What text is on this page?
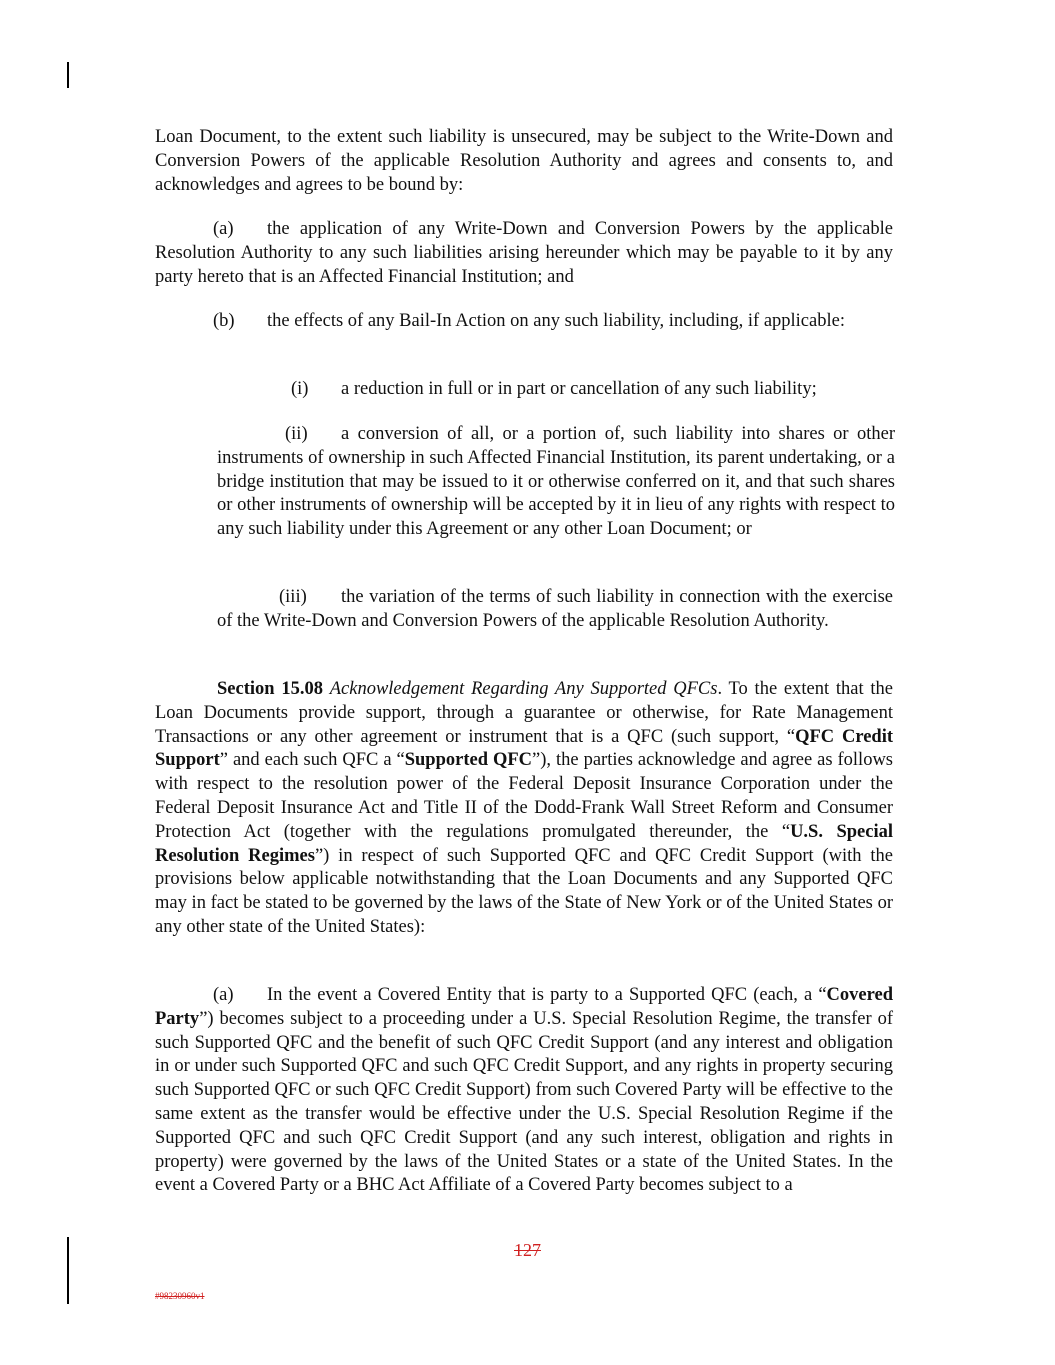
Loan Document, to the extent such liability is unsecured, may be subject to the Write-Down and Conversion Powers of the applicable Resolution Authority and agrees and consents to, and acknowledges and agrees to be bound by:

(a) the application of any Write-Down and Conversion Powers by the applicable Resolution Authority to any such liabilities arising hereunder which may be payable to it by any party hereto that is an Affected Financial Institution; and

(b) the effects of any Bail-In Action on any such liability, including, if applicable:

(i) a reduction in full or in part or cancellation of any such liability;

(ii) a conversion of all, or a portion of, such liability into shares or other instruments of ownership in such Affected Financial Institution, its parent undertaking, or a bridge institution that may be issued to it or otherwise conferred on it, and that such shares or other instruments of ownership will be accepted by it in lieu of any rights with respect to any such liability under this Agreement or any other Loan Document; or

(iii) the variation of the terms of such liability in connection with the exercise of the Write-Down and Conversion Powers of the applicable Resolution Authority.

Section 15.08 Acknowledgement Regarding Any Supported QFCs. To the extent that the Loan Documents provide support, through a guarantee or otherwise, for Rate Management Transactions or any other agreement or instrument that is a QFC (such support, “QFC Credit Support” and each such QFC a “Supported QFC”), the parties acknowledge and agree as follows with respect to the resolution power of the Federal Deposit Insurance Corporation under the Federal Deposit Insurance Act and Title II of the Dodd-Frank Wall Street Reform and Consumer Protection Act (together with the regulations promulgated thereunder, the “U.S. Special Resolution Regimes”) in respect of such Supported QFC and QFC Credit Support (with the provisions below applicable notwithstanding that the Loan Documents and any Supported QFC may in fact be stated to be governed by the laws of the State of New York or of the United States or any other state of the United States):

(a) In the event a Covered Entity that is party to a Supported QFC (each, a “Covered Party”) becomes subject to a proceeding under a U.S. Special Resolution Regime, the transfer of such Supported QFC and the benefit of such QFC Credit Support (and any interest and obligation in or under such Supported QFC and such QFC Credit Support, and any rights in property securing such Supported QFC or such QFC Credit Support) from such Covered Party will be effective to the same extent as the transfer would be effective under the U.S. Special Resolution Regime if the Supported QFC and such QFC Credit Support (and any such interest, obligation and rights in property) were governed by the laws of the United States or a state of the United States. In the event a Covered Party or a BHC Act Affiliate of a Covered Party becomes subject to a

127
#98230960v1
